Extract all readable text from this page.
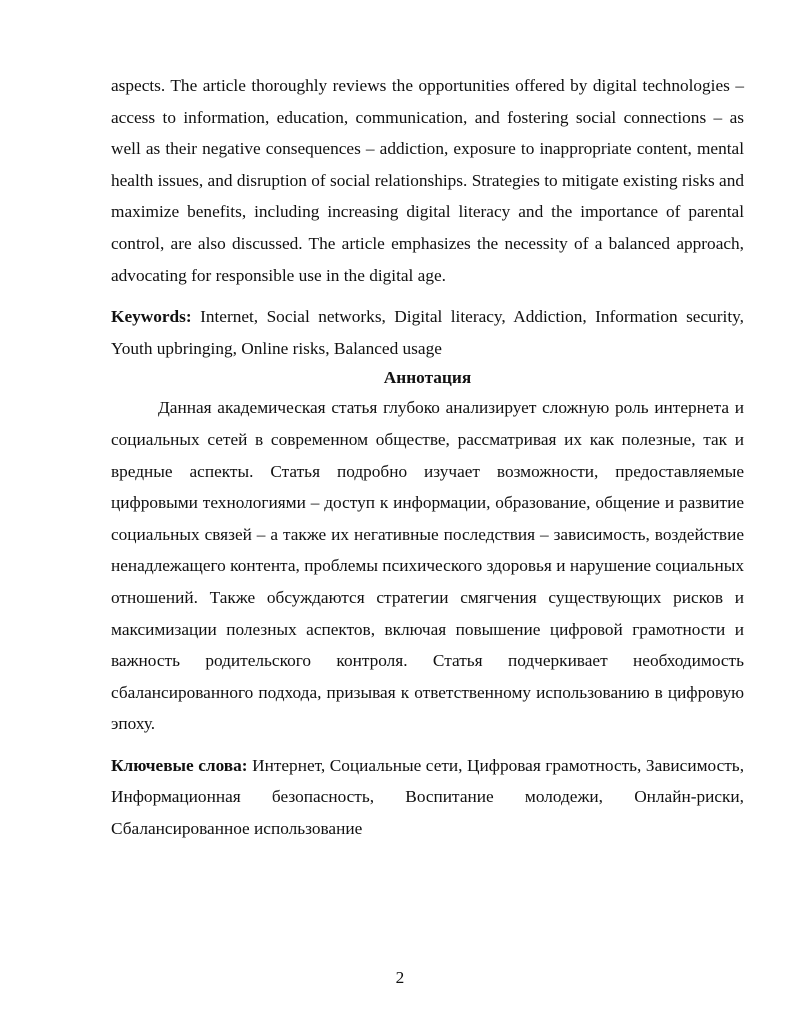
aspects. The article thoroughly reviews the opportunities offered by digital technologies – access to information, education, communication, and fostering social connections – as well as their negative consequences – addiction, exposure to inappropriate content, mental health issues, and disruption of social relationships. Strategies to mitigate existing risks and maximize benefits, including increasing digital literacy and the importance of parental control, are also discussed. The article emphasizes the necessity of a balanced approach, advocating for responsible use in the digital age.

Keywords: Internet, Social networks, Digital literacy, Addiction, Information security, Youth upbringing, Online risks, Balanced usage

Аннотация

Данная академическая статья глубоко анализирует сложную роль интернета и социальных сетей в современном обществе, рассматривая их как полезные, так и вредные аспекты. Статья подробно изучает возможности, предоставляемые цифровыми технологиями – доступ к информации, образование, общение и развитие социальных связей – а также их негативные последствия – зависимость, воздействие ненадлежащего контента, проблемы психического здоровья и нарушение социальных отношений. Также обсуждаются стратегии смягчения существующих рисков и максимизации полезных аспектов, включая повышение цифровой грамотности и важность родительского контроля. Статья подчеркивает необходимость сбалансированного подхода, призывая к ответственному использованию в цифровую эпоху.

Ключевые слова: Интернет, Социальные сети, Цифровая грамотность, Зависимость, Информационная безопасность, Воспитание молодежи, Онлайн-риски, Сбалансированное использование

2
